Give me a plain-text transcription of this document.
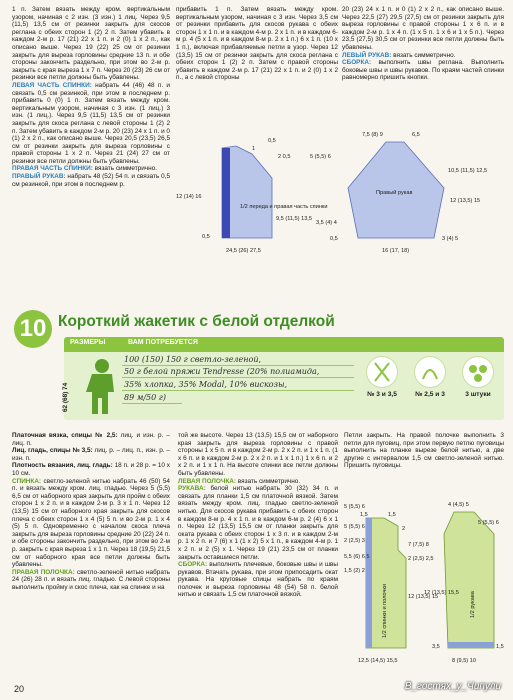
1 п. Затем вязать между кром. вертикальным узором, начиная с 2 изн. (3 изн.) 1 лиц. Через 9,5 (11,5) 13,5 см от резинки закрыть для скосов реглана с обеих сторон 1 (2) 2 п. Затем убавить в каждом 2-м р. 17 (21) 22 х 1 п. и 2 (0) 1 х 2 п., как описано выше. Через 19 (22) 25 см от резинки закрыть для выреза горловины средние 13 п. и обе стороны закончить раздельно, при этом во 2-м р. закрыть с края выреза 1 х 7 п. Через 20 (23) 26 см от резинки все петли должны быть убавлены.
ЛЕВАЯ ЧАСТЬ СПИНКИ: набрать 44 (46) 48 п. и связать 0,5 см резинкой, при этом в последнем р. прибавить 0 (0) 1 п. Затем вязать между кром. вертикальным узором, начиная с 3 изн. (1 лиц.) 3 изн. (1 лиц.). Через 9,5 (11,5) 13,5 см от резинки закрыть для скоса реглана с левой стороны 1 (2) 2 п. Затем убавить в каждом 2-м р. 20 (23) 24 х 1 п. и 0 (1) 2 х 2 п., как описано выше. Через 20,5 (23,5) 26,5 см от резинки закрыть для выреза горловины с правой стороны 1 х 2 п. Через 21 (24) 27 см от резинки все петли должны быть убавлены.
ПРАВАЯ ЧАСТЬ СПИНКИ: вязать симметрично.
ПРАВЫЙ РУКАВ: набрать 48 (52) 54 п. и связать 0,5 см резинкой, при этом в последнем р.
прибавить 1 п. Затем вязать между кром. вертикальным узором, начиная с 3 изн. Через 3,5 см от резинки прибавить для скосов рукава с обеих сторон 1 х 1 п. и в каждом 4-м р. 2 х 1 п. и в каждом 6-м р. 4 (5 х 1 п. и в каждом 8-м р. 2 х 1 п.) 6 х 1 п. (10 х 1 п.), включая прибавляемые петли в узор. Через 12 (13,5) 15 см от резинки закрыть для скоса реглана с обеих сторон 1 (2) 2 п. Затем с правой стороны убавить в каждом 2-м р. 17 (21) 22 х 1 п. и 2 (0) 1 х 2 п., а с левой стороны
20 (23) 24 х 1 п. и 0 (1) 2 х 2 п., как описано выше. Через 22,5 (27) 29,5 (27,5) см от резинки закрыть для выреза горловины с правой стороны 1 х 6 п. и в каждом 2-м р. 1 х 4 п. (1 х 5 п. 1 х 6 и 1 х 5 п.). Через 23,5 (27,5) 30,5 см от резинки все петли должны быть убавлены.
ЛЕВЫЙ РУКАВ: вязать симметрично.
СБОРКА: выполнить швы реглана. Выполнить боковые швы и швы рукавов. По краям частей спинки равномерно пришить кнопки.
1/2 переда и правая часть спинки
Правый рукав
0,5
1
2 0,5
12 (14) 16
9,5 (11,5) 13,5
0,5
24,5 (26) 27,5
7,5 (8) 9	6,5
5 (5,5) 6
10,5 (11,5) 12,5
12 (13,5) 15
3,5 (4) 4
0,5
16 (17, 18)
3 (4) 5
10 Короткий жакетик с белой отделкой
РАЗМЕРЫ	ВАМ ПОТРЕБУЕТСЯ
62 (68) 74
100 (150) 150 г светло-зеленой,
50 г белой пряжи Tendresse (20% полиамида,
35% хлопка, 35% Modal, 10% вискозы,
89 м/50 г)	№ 3 и 3,5	№ 2,5 и 3	3 штуки
Платочная вязка, спицы № 2,5: лиц. и изн. р. – лиц. п.
Лиц. гладь, спицы № 3,5: лиц. р. – лиц. п., изн. р. – изн. п.
Плотность вязания, лиц. гладь: 18 п. и 28 р. = 10 х 10 см.
СПИНКА: светло-зеленой нитью набрать 46 (50) 54 п. и вязать между кром. лиц. гладью. Через 5 (5,5) 6,5 см от наборного края закрыть для пройм с обеих сторон 1 х 2 п. и в каждом 2-м р. 3 х 1 п. Через 12 (13,5) 15 см от наборного края закрыть для скосов плеча с обеих сторон 1 х 4 (5) 5 п. и во 2-м р. 1 х 4 (5) 5 п. Одновременно с началом скоса плеча закрыть для выреза горловины средние 20 (22) 24 п. и обе стороны закончить раздельно, при этом во 2-м р. закрыть с края выреза 1 х 1 п. Через 18 (19,5) 21,5 см от наборного края все петли должны быть убавлены.
ПРАВАЯ ПОЛОЧКА: светло-зеленой нитью набрать 24 (26) 28 п. и вязать лиц. гладью. С левой стороны выполнить пройму и скос плеча, как на спинке и на
той же высоте. Через 13 (13,5) 15,5 см от наборного края закрыть для выреза горловины с правой стороны 1 х 5 п. и в каждом 2-м р. 2 х 2 п. и 1 х 1 п. (1 х 6 п. и в каждом 2-м р. 2 х 2 п. и 1 х 1 п.) 1 х 6 п. и 2 х 2 п. и 1 х 1 п. На высоте спинки все петли должны быть убавлены.
ЛЕВАЯ ПОЛОЧКА: вязать симметрично.
РУКАВА: белой нитью набрать 30 (32) 34 п. и связать для планки 1,5 см платочной вязкой. Затем вязать между кром. лиц. гладью светло-зеленой нитью. Для скосов рукава прибавить с обеих сторон в каждом 8-м р. 4 х 1 п. и в каждом 6-м р. 2 (4) 6 х 1 п. Через 12 (13,5) 15,5 см от планки закрыть для оката рукава с обеих сторон 1 х 3 п. и в каждом 2-м р. 1 х 2 п. и 7 (6) х 1 (1 х 2) 5 х 1 п., в каждом 4-м р. 1 х 2 п. и 2 (5) х 1. Через 19 (21) 23,5 см от планки закрыть оставшиеся петли.
СБОРКА: выполнить плечевые, боковые швы и швы рукавов. Втачать рукава, при этом припосадить окат рукава. На круговые спицы набрать по краям полочек и выреза горловины 48 (54) 58 п. белой нитью и связать 1,5 см платочной вязкой.
Петли закрыть. На правой полочке выполнить 3 петли для пуговиц, при этом первую петлю пуговицы выполнить на планке вырезе белой нитью, а две другие с интервалом 1,5 см светло-зеленой нитью. Пришить пуговицы.
1/2 спинки и полочки	1/2 рукава
5 (5,5) 6
1,5	1,5
2
5 (5,5) 6
7 (7,5) 8
2 (2,5) 2,5
2 (2,5) 3
12 (13,5) 15
5,5 (6) 6,5
1,5 (2) 2
12,5 (14,5) 15,5
4 (4,5) 5
5 (5,5) 6
12 (13,5) 15,5
1,5
8 (9,5) 10
3,5
20	В_гостях_у_Чипули
